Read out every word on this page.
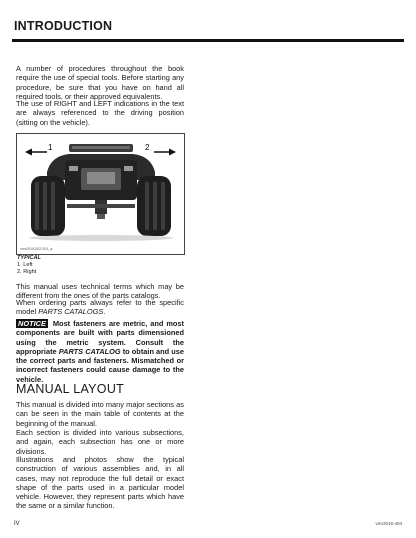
INTRODUCTION

A number of procedures throughout the book require the use of special tools. Before starting any procedure, be sure that you have on hand all required tools, or their approved equivalents.

The use of RIGHT and LEFT indications in the text are always referenced to the driving position (sitting on the vehicle).

1	2
vmr2010-002-001_a
TYPICAL
1. Left
2. Right

This manual uses technical terms which may be different from the ones of the parts catalogs.

When ordering parts always refer to the specific model PARTS CATALOGS.

NOTICE Most fasteners are metric, and most components are built with parts dimensioned using the metric system. Consult the appropriate PARTS CATALOG to obtain and use the correct parts and fasteners. Mismatched or incorrect fasteners could cause damage to the vehicle.

MANUAL LAYOUT

This manual is divided into many major sections as can be seen in the main table of contents at the beginning of the manual.

Each section is divided into various subsections, and again, each subsection has one or more divisions.

Illustrations and photos show the typical construction of various assemblies and, in all cases, may not reproduce the full detail or exact shape of the parts used in a particular model vehicle. However, they represent parts which have the same or a similar function.

IV	vmr2016-404
